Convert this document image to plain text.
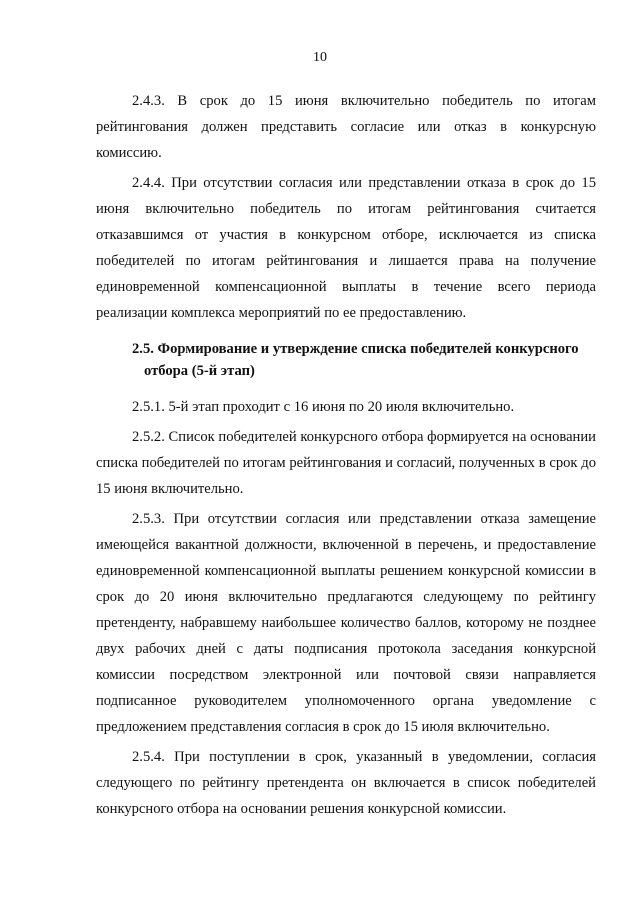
10

2.4.3. В срок до 15 июня включительно победитель по итогам рейтингования должен представить согласие или отказ в конкурсную комиссию.

2.4.4. При отсутствии согласия или представлении отказа в срок до 15 июня включительно победитель по итогам рейтингования считается отказавшимся от участия в конкурсном отборе, исключается из списка победителей по итогам рейтингования и лишается права на получение единовременной компенсационной выплаты в течение всего периода реализации комплекса мероприятий по ее предоставлению.

2.5. Формирование и утверждение списка победителей конкурсного
отбора (5-й этап)

2.5.1. 5-й этап проходит с 16 июня по 20 июля включительно.

2.5.2. Список победителей конкурсного отбора формируется на основании списка победителей по итогам рейтингования и согласий, полученных в срок до 15 июня включительно.

2.5.3. При отсутствии согласия или представлении отказа замещение имеющейся вакантной должности, включенной в перечень, и предоставление единовременной компенсационной выплаты решением конкурсной комиссии в срок до 20 июня включительно предлагаются следующему по рейтингу претенденту, набравшему наибольшее количество баллов, которому не позднее двух рабочих дней с даты подписания протокола заседания конкурсной комиссии посредством электронной или почтовой связи направляется подписанное руководителем уполномоченного органа уведомление с предложением представления согласия в срок до 15 июля включительно.

2.5.4. При поступлении в срок, указанный в уведомлении, согласия следующего по рейтингу претендента он включается в список победителей конкурсного отбора на основании решения конкурсной комиссии.
